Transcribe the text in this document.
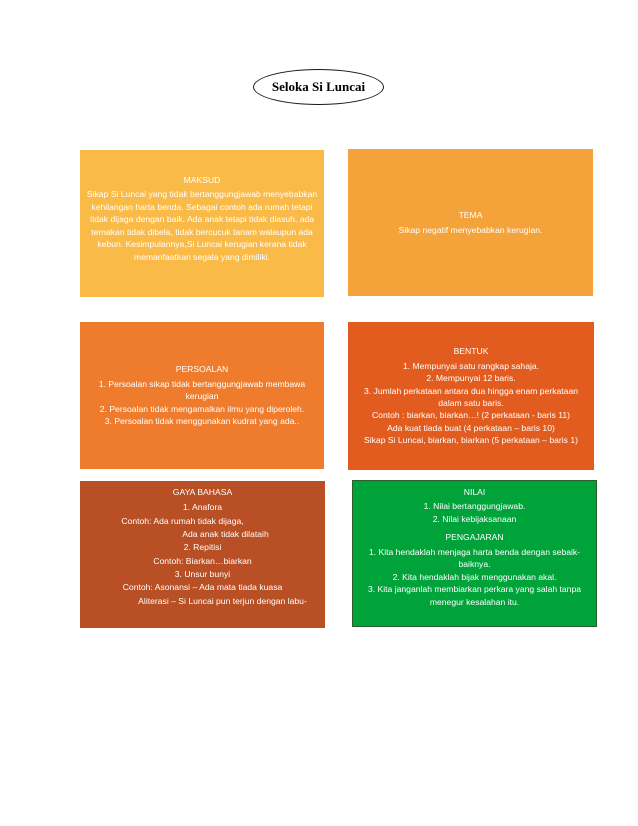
Seloka Si Luncai

MAKSUD

Sikap Si Luncai yang tidak bertanggungjawab menyebabkan kehilangan harta benda. Sebagai contoh ada rumah tetapi tidak dijaga dengan baik. Ada anak tetapi tidak diasuh, ada ternakan tidak dibela, tidak bercucuk tanam walaupun ada kebun. Kesimpulannya,Si Luncai kerugian kerana tidak memanfaatkan segala yang dimiliki.

TEMA

Sikap negatif menyebabkan kerugian.

PERSOALAN

1. Persoalan sikap tidak bertanggungjawab membawa kerugian

2. Persoalan tidak mengamalkan ilmu yang diperoleh.

3. Persoalan tidak menggunakan kudrat yang ada..

BENTUK

1. Mempunyai satu rangkap sahaja.

2. Mempunyai 12 baris.

3. Jumlah perkataan antara dua hingga enam perkataan dalam satu baris.

Contoh : biarkan, biarkan…! (2 perkataan - baris 11)

Ada kuat tiada buat (4 perkataan – baris 10)

Sikap Si Luncai, biarkan, biarkan (5 perkataan – baris 1)

GAYA BAHASA

1. Anafora

Contoh: Ada rumah tidak dijaga,

Ada anak tidak dilataih

2. Repitisi

Contoh: Biarkan…biarkan

3. Unsur bunyi

Contoh: Asonansi – Ada mata tiada kuasa

Aliterasi – Si Luncai pun terjun dengan labu-

NILAI

1. Nilai bertanggungjawab.

2. Nilai kebijaksanaan

PENGAJARAN

1. Kita hendaklah menjaga harta benda dengan sebaik-baiknya.

2. Kita hendaklah bijak menggunakan akal.

3. Kita janganlah membiarkan perkara yang salah tanpa menegur kesalahan itu.
